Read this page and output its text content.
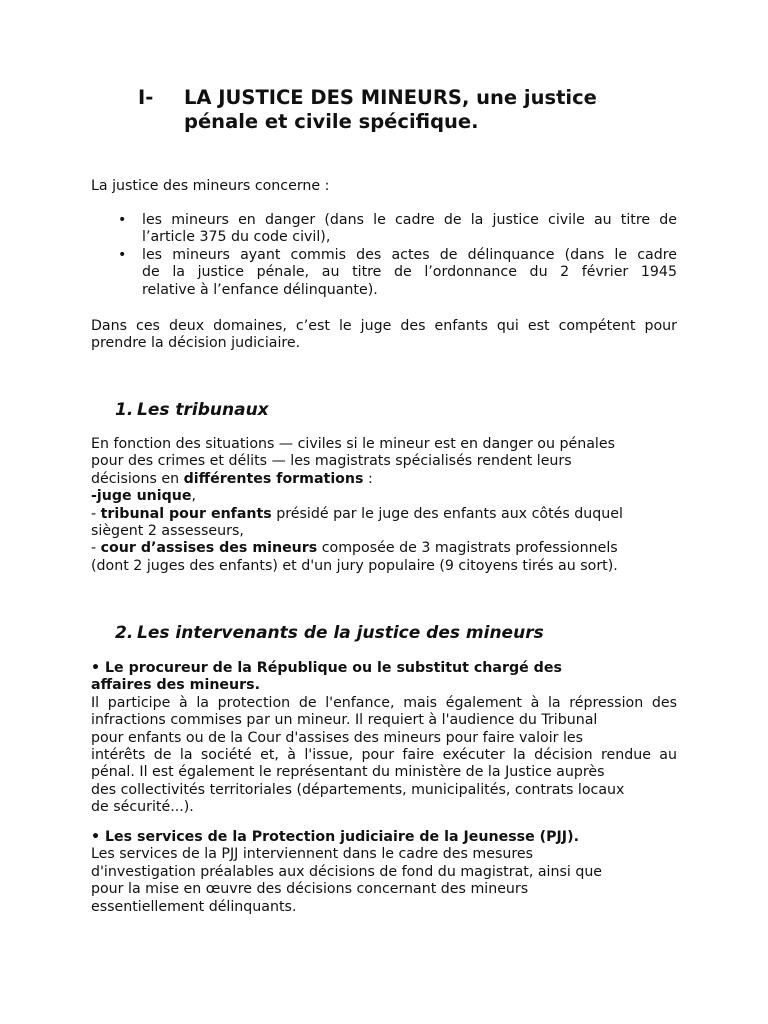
I- LA JUSTICE DES MINEURS, une justice
pénale et civile spécifique.
La justice des mineurs concerne :
• les mineurs en danger (dans le cadre de la justice civile au titre de
l’article 375 du code civil),
• les mineurs ayant commis des actes de délinquance (dans le cadre
de la justice pénale, au titre de l’ordonnance du 2 février 1945
relative à l’enfance délinquante).
Dans ces deux domaines, c’est le juge des enfants qui est compétent pour
prendre la décision judiciaire.
1. Les tribunaux
En fonction des situations — civiles si le mineur est en danger ou pénales
pour des crimes et délits — les magistrats spécialisés rendent leurs
décisions en différentes formations :
-juge unique,
- tribunal pour enfants présidé par le juge des enfants aux côtés duquel
siègent 2 assesseurs,
- cour d’assises des mineurs composée de 3 magistrats professionnels
(dont 2 juges des enfants) et d'un jury populaire (9 citoyens tirés au sort).
2. Les intervenants de la justice des mineurs
• Le procureur de la République ou le substitut chargé des
affaires des mineurs.
Il participe à la protection de l'enfance, mais également à la répression des
infractions commises par un mineur. Il requiert à l'audience du Tribunal
pour enfants ou de la Cour d'assises des mineurs pour faire valoir les
intérêts de la société et, à l'issue, pour faire exécuter la décision rendue au
pénal. Il est également le représentant du ministère de la Justice auprès
des collectivités territoriales (départements, municipalités, contrats locaux
de sécurité...).
• Les services de la Protection judiciaire de la Jeunesse (PJJ).
Les services de la PJJ interviennent dans le cadre des mesures
d'investigation préalables aux décisions de fond du magistrat, ainsi que
pour la mise en œuvre des décisions concernant des mineurs
essentiellement délinquants.
